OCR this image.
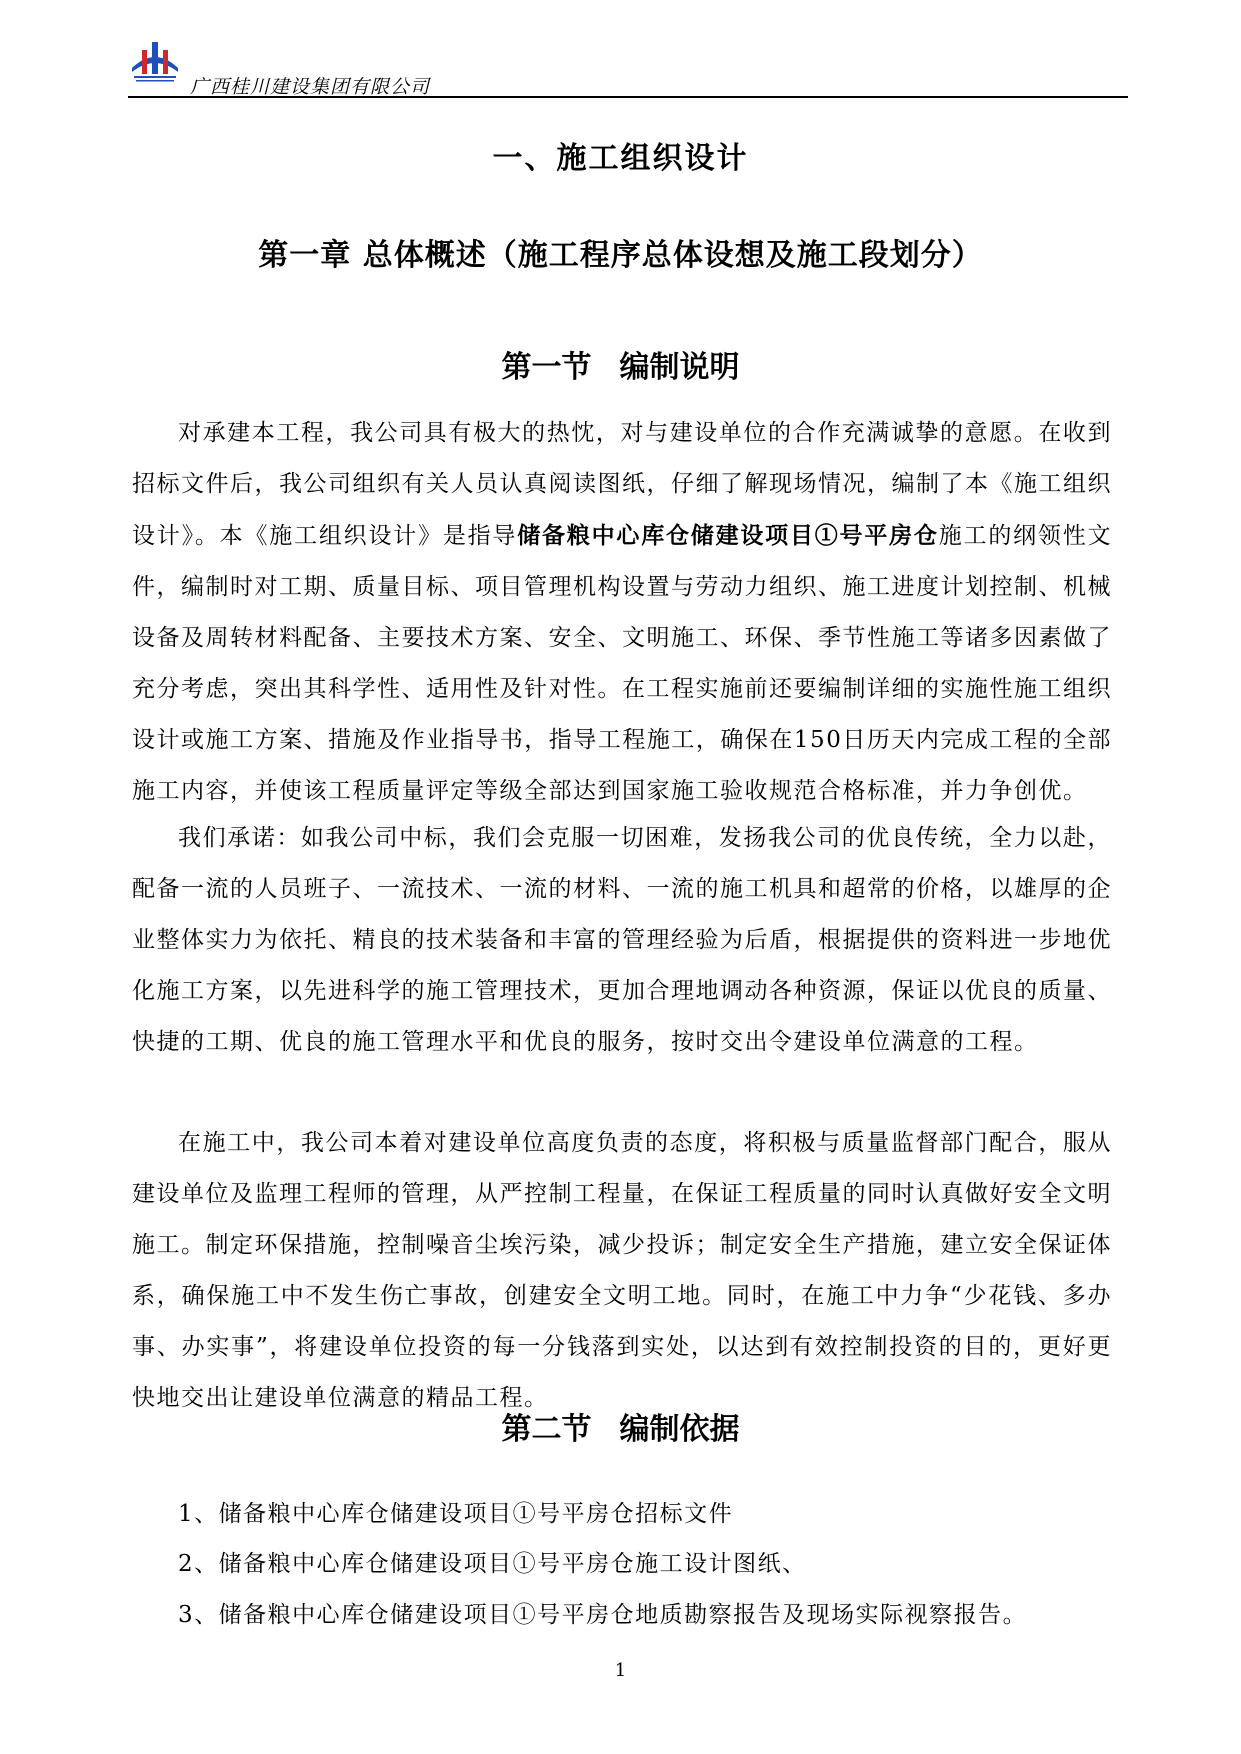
广西桂川建设集团有限公司
一、施工组织设计
第一章 总体概述（施工程序总体设想及施工段划分）
第一节 编制说明

对承建本工程，我公司具有极大的热忱，对与建设单位的合作充满诚挚的意愿。在收到招标文件后，我公司组织有关人员认真阅读图纸，仔细了解现场情况，编制了本《施工组织设计》。本《施工组织设计》是指导储备粮中心库仓储建设项目①号平房仓施工的纲领性文件，编制时对工期、质量目标、项目管理机构设置与劳动力组织、施工进度计划控制、机械设备及周转材料配备、主要技术方案、安全、文明施工、环保、季节性施工等诸多因素做了充分考虑，突出其科学性、适用性及针对性。在工程实施前还要编制详细的实施性施工组织设计或施工方案、措施及作业指导书，指导工程施工，确保在150日历天内完成工程的全部施工内容，并使该工程质量评定等级全部达到国家施工验收规范合格标准，并力争创优。

我们承诺：如我公司中标，我们会克服一切困难，发扬我公司的优良传统，全力以赴，配备一流的人员班子、一流技术、一流的材料、一流的施工机具和超常的价格，以雄厚的企业整体实力为依托、精良的技术装备和丰富的管理经验为后盾，根据提供的资料进一步地优化施工方案，以先进科学的施工管理技术，更加合理地调动各种资源，保证以优良的质量、快捷的工期、优良的施工管理水平和优良的服务，按时交出令建设单位满意的工程。

在施工中，我公司本着对建设单位高度负责的态度，将积极与质量监督部门配合，服从建设单位及监理工程师的管理，从严控制工程量，在保证工程质量的同时认真做好安全文明施工。制定环保措施，控制噪音尘埃污染，减少投诉；制定安全生产措施，建立安全保证体系，确保施工中不发生伤亡事故，创建安全文明工地。同时，在施工中力争“少花钱、多办事、办实事”，将建设单位投资的每一分钱落到实处，以达到有效控制投资的目的，更好更快地交出让建设单位满意的精品工程。

第二节 编制依据
1、储备粮中心库仓储建设项目①号平房仓招标文件
2、储备粮中心库仓储建设项目①号平房仓施工设计图纸、
3、储备粮中心库仓储建设项目①号平房仓地质勘察报告及现场实际视察报告。
1
